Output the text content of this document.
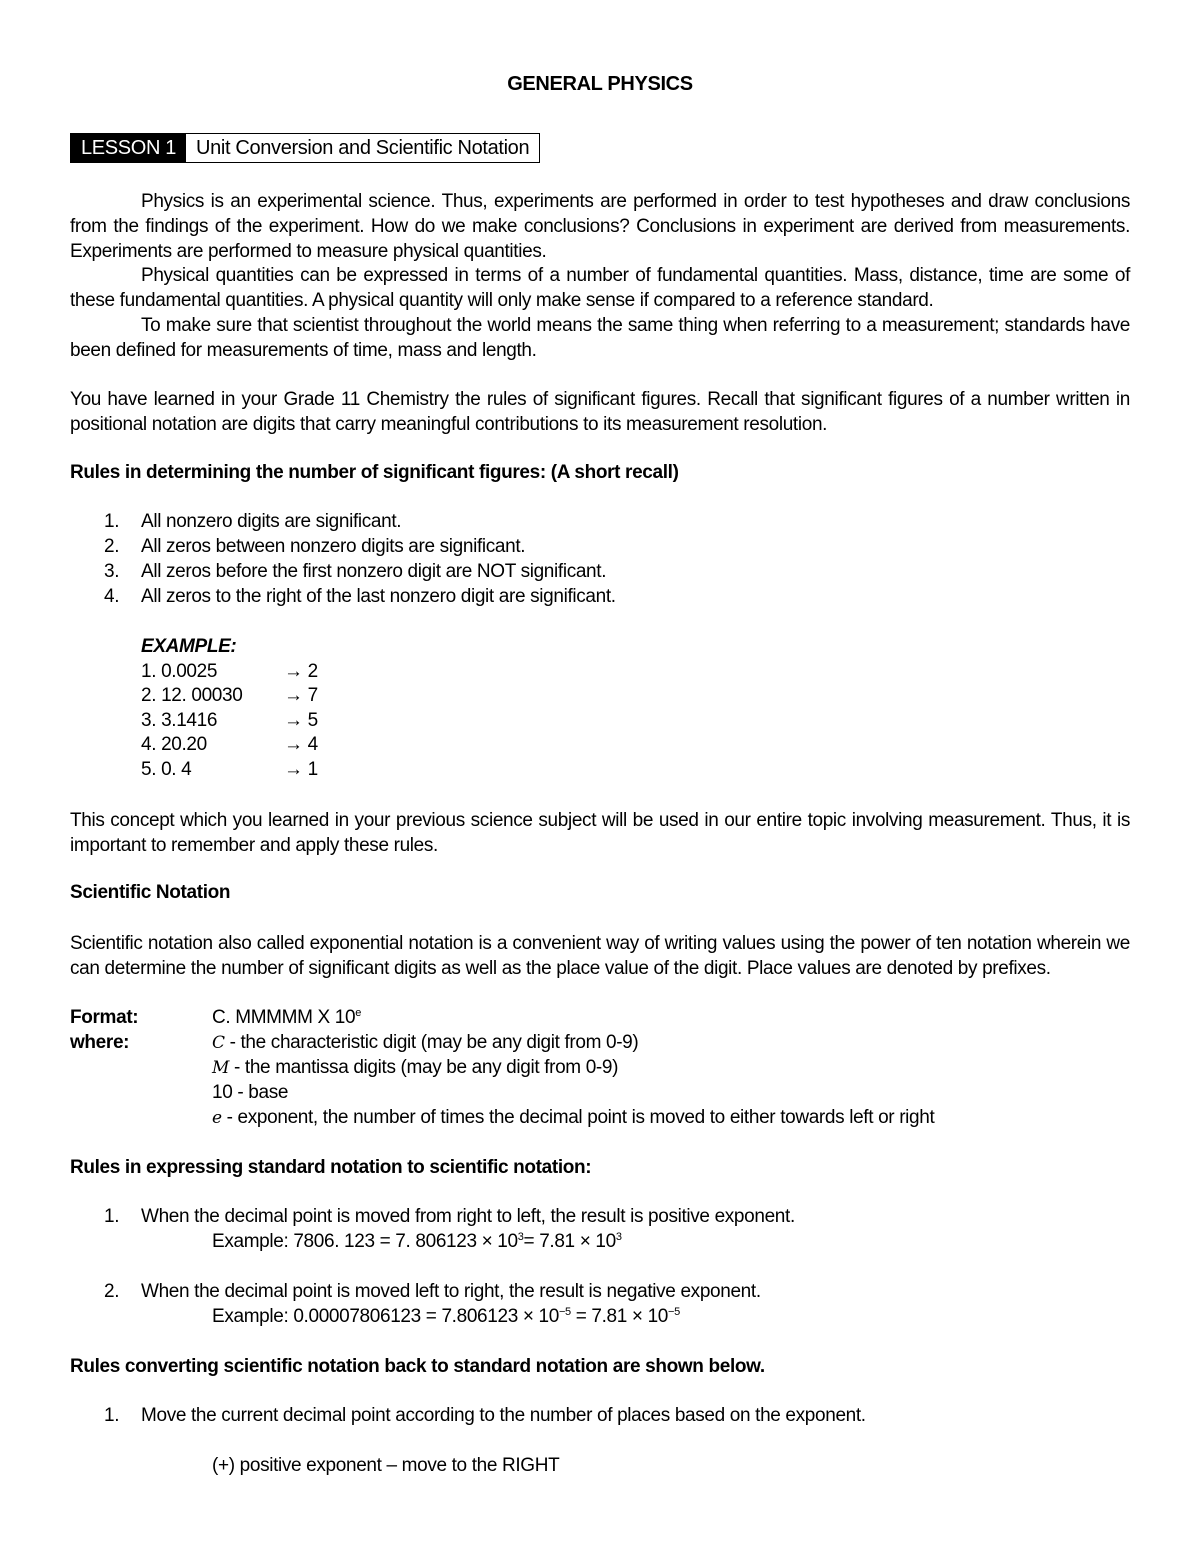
GENERAL PHYSICS
LESSON 1	Unit Conversion and Scientific Notation
Physics is an experimental science. Thus, experiments are performed in order to test hypotheses and draw conclusions from the findings of the experiment. How do we make conclusions? Conclusions in experiment are derived from measurements. Experiments are performed to measure physical quantities.
Physical quantities can be expressed in terms of a number of fundamental quantities. Mass, distance, time are some of these fundamental quantities. A physical quantity will only make sense if compared to a reference standard.
To make sure that scientist throughout the world means the same thing when referring to a measurement; standards have been defined for measurements of time, mass and length.
You have learned in your Grade 11 Chemistry the rules of significant figures. Recall that significant figures of a number written in positional notation are digits that carry meaningful contributions to its measurement resolution.
Rules in determining the number of significant figures: (A short recall)
1. All nonzero digits are significant.
2. All zeros between nonzero digits are significant.
3. All zeros before the first nonzero digit are NOT significant.
4. All zeros to the right of the last nonzero digit are significant.
EXAMPLE:
1. 0.0025	→ 2
2. 12. 00030 → 7
3. 3.1416	→ 5
4. 20.20	→ 4
5. 0. 4	→ 1
This concept which you learned in your previous science subject will be used in our entire topic involving measurement. Thus, it is important to remember and apply these rules.
Scientific Notation
Scientific notation also called exponential notation is a convenient way of writing values using the power of ten notation wherein we can determine the number of significant digits as well as the place value of the digit. Place values are denoted by prefixes.
Format:	C. MMMMM X 10e
where:	C - the characteristic digit (may be any digit from 0-9)
M - the mantissa digits (may be any digit from 0-9)
10 - base
e - exponent, the number of times the decimal point is moved to either towards left or right
Rules in expressing standard notation to scientific notation:
1. When the decimal point is moved from right to left, the result is positive exponent.
Example: 7806. 123 = 7. $806123 \times 10^3= 7.81 \times 10^3$
2. When the decimal point is moved left to right, the result is negative exponent.
Example: $0.00007806123 = 7.806123 \times 10^{-5} = 7.81 \times 10^{-5}$
Rules converting scientific notation back to standard notation are shown below.
1. Move the current decimal point according to the number of places based on the exponent.
(+) positive exponent – move to the RIGHT
